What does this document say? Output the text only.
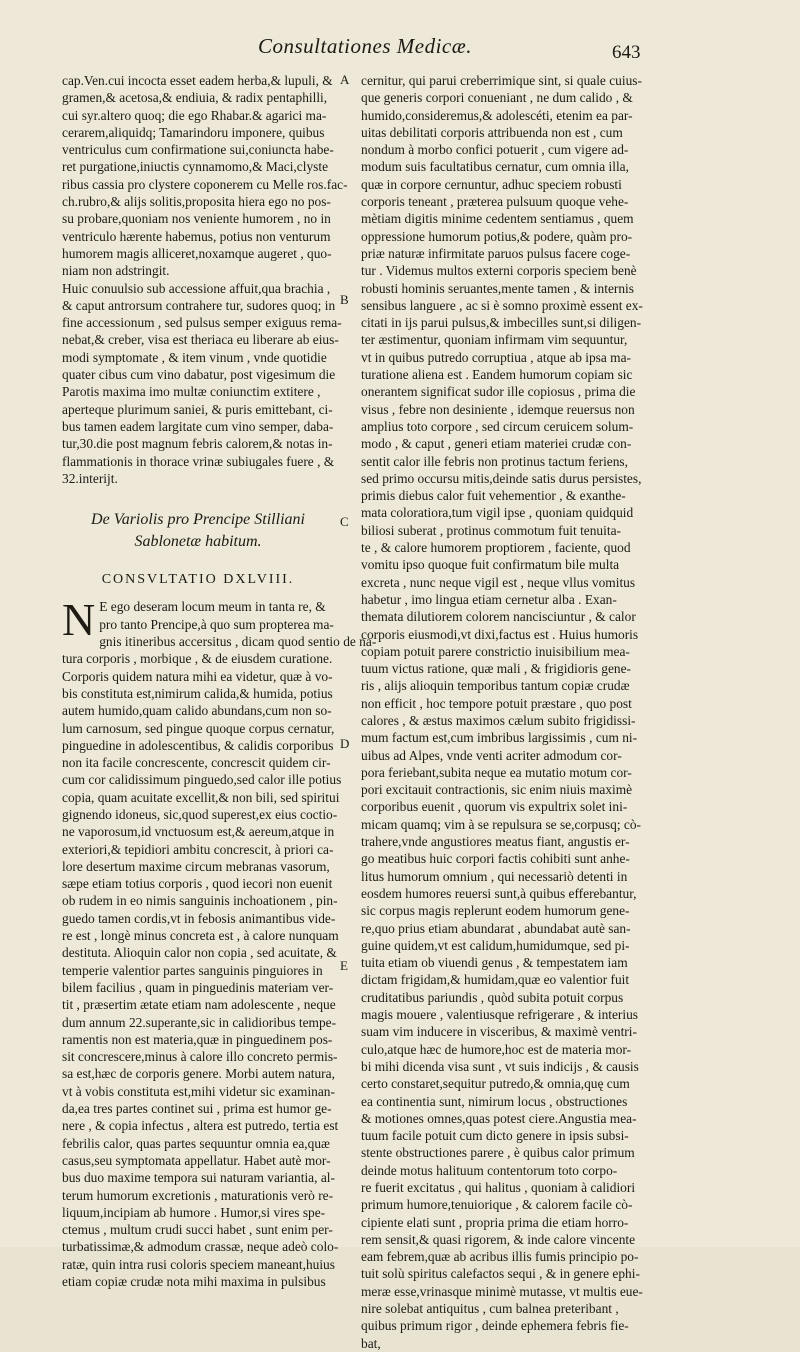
Consultationes Medicæ.	643
A
B
C
D
E
cap.Ven.cui incocta esset eadem herba,& lupuli, &
gramen,& acetosa,& endiuia, & radix pentaphilli,
cui syr.altero quoq; die ego Rhabar.& agarici ma-
cerarem,aliquidq; Tamarindoru imponere, quibus
ventriculus cum confirmatione sui,coniuncta habe-
ret purgatione,iniuctis cynnamomo,& Maci,clyste
ribus cassia pro clystere coponerem cu Melle ros.fac-
ch.rubro,& alijs solitis,proposita hiera ego no pos-
su probare,quoniam nos veniente humorem , no in
ventriculo hærente habemus, potius non venturum
humorem magis alliceret,noxamque augeret , quo-
niam non adstringit.
Huic conuulsio sub accessione affuit,qua brachia ,
& caput antrorsum contrahere tur, sudores quoq; in
fine accessionum , sed pulsus semper exiguus rema-
nebat,& creber, visa est theriaca eu liberare ab eius-
modi symptomate , & item vinum , vnde quotidie
quater cibus cum vino dabatur, post vigesimum die
Parotis maxima imo multæ coniunctim extitere ,
aperteque plurimum saniei, & puris emittebant, ci-
bus tamen eadem largitate cum vino semper, daba-
tur,30.die post magnum febris calorem,& notas in-
flammationis in thorace vrinæ subiugales fuere , &
32.interijt.
De Variolis pro Prencipe Stilliani
Sablonetæ habitum.
CONSVLTATIO DXLVIII.
N E ego deseram locum meum in tanta re, &
pro tanto Prencipe,à quo sum propterea ma-
gnis itineribus accersitus , dicam quod sentio de na-
tura corporis , morbique , & de eiusdem curatione.
Corporis quidem natura mihi ea videtur, quæ à vo-
bis constituta est,nimirum calida,& humida, potius
autem humido,quam calido abundans,cum non so-
lum carnosum, sed pingue quoque corpus cernatur,
pinguedine in adolescentibus, & calidis corporibus
non ita facile concrescente, concrescit quidem cir-
cum cor calidissimum pinguedo,sed calor ille potius
copia, quam acuitate excellit,& non bili, sed spiritui
gignendo idoneus, sic,quod superest,ex eius coctio-
ne vaporosum,id vnctuosum est,& aereum,atque in
exteriori,& tepidiori ambitu concrescit, à priori ca-
lore desertum maxime circum mebranas vasorum,
sæpe etiam totius corporis , quod iecori non euenit
ob rudem in eo nimis sanguinis inchoationem , pin-
guedo tamen cordis,vt in febosis animantibus vide-
re est , longè minus concreta est , à calore nunquam
destituta. Alioquin calor non copia , sed acuitate, &
temperie valentior partes sanguinis pinguiores in
bilem facilius , quam in pinguedinis materiam ver-
tit , præsertim ætate etiam nam adolescente , neque
dum annum 22.superante,sic in calidioribus tempe-
ramentis non est materia,quæ in pinguedinem pos-
sit concrescere,minus à calore illo concreto permis-
sa est,hæc de corporis genere. Morbi autem natura,
vt à vobis constituta est,mihi videtur sic examinan-
da,ea tres partes continet sui , prima est humor ge-
nere , & copia infectus , altera est putredo, tertia est
febrilis calor, quas partes sequuntur omnia ea,quæ
casus,seu symptomata appellatur. Habet autè mor-
bus duo maxime tempora sui naturam variantia, al-
terum humorum excretionis , maturationis verò re-
liquum,incipiam ab humore . Humor,si vires spe-
ctemus , multum crudi succi habet , sunt enim per-
turbatissimæ,& admodum crassæ, neque adeò colo-
ratæ, quin intra rusi coloris speciem maneant,huius
etiam copiæ crudæ nota mihi maxima in pulsibus
cernitur, qui parui creberrimique sint, si quale cuius-
que generis corpori conueniant , ne dum calido , &
humido,consideremus,& adolescéti, etenim ea par-
uitas debilitati corporis attribuenda non est , cum
nondum à morbo confici potuerit , cum vigere ad-
modum suis facultatibus cernatur, cum omnia illa,
quæ in corpore cernuntur, adhuc speciem robusti
corporis teneant , præterea pulsuum quoque vehe-
mètiam digitis minime cedentem sentiamus , quem
oppressione humorum potius,& podere, quàm pro-
priæ naturæ infirmitate paruos pulsus facere coge-
tur . Videmus multos externi corporis speciem benè
robusti hominis seruantes,mente tamen , & internis
sensibus languere , ac si è somno proximè essent ex-
citati in ijs parui pulsus,& imbecilles sunt,si diligen-
ter æstimentur, quoniam infirmam vim sequuntur,
vt in quibus putredo corruptiua , atque ab ipsa ma-
turatione aliena est . Eandem humorum copiam sic
onerantem significat sudor ille copiosus , prima die
visus , febre non desiniente , idemque reuersus non
amplius toto corpore , sed circum ceruicem solum-
modo , & caput , generi etiam materiei crudæ con-
sentit calor ille febris non protinus tactum feriens,
sed primo occursu mitis,deinde satis durus persistes,
primis diebus calor fuit vehementior , & exanthe-
mata coloratiora,tum vigil ipse , quoniam quidquid
biliosi suberat , protinus commotum fuit tenuita-
te , & calore humorem proptiorem , faciente, quod
vomitu ipso quoque fuit confirmatum bile multa
excreta , nunc neque vigil est , neque vllus vomitus
habetur , imo lingua etiam cernetur alba . Exan-
themata dilutiorem colorem nancisciuntur , & calor
corporis eiusmodi,vt dixi,factus est . Huius humoris
copiam potuit parere constrictio inuisibilium mea-
tuum victus ratione, quæ mali , & frigidioris gene-
ris , alijs alioquin temporibus tantum copiæ crudæ
non efficit , hoc tempore potuit præstare , quo post
calores , & æstus maximos cælum subito frigidissi-
mum factum est,cum imbribus largissimis , cum ni-
uibus ad Alpes, vnde venti acriter admodum cor-
pora feriebant,subita neque ea mutatio motum cor-
pori excitauit contractionis, sic enim niuis maximè
corporibus euenit , quorum vis expultrix solet ini-
micam quamq; vim à se repulsura se se,corpusq; cò-
trahere,vnde angustiores meatus fiant, angustis er-
go meatibus huic corpori factis cohibiti sunt anhe-
litus humorum omnium , qui necessariò detenti in
eosdem humores reuersi sunt,à quibus efferebantur,
sic corpus magis replerunt eodem humorum gene-
re,quo prius etiam abundarat , abundabat autè san-
guine quidem,vt est calidum,humidumque, sed pi-
tuita etiam ob viuendi genus , & tempestatem iam
dictam frigidam,& humidam,quæ eo valentior fuit
cruditatibus pariundis , quòd subita potuit corpus
magis mouere , valentiusque refrigerare , & interius
suam vim inducere in visceribus, & maximè ventri-
culo,atque hæc de humore,hoc est de materia mor-
bi mihi dicenda visa sunt , vt suis indicijs , & causis
certo constaret,sequitur putredo,& omnia,quę cum
ea continentia sunt, nimirum locus , obstructiones
& motiones omnes,quas potest ciere.Angustia mea-
tuum facile potuit cum dicto genere in ipsis subsi-
stente obstructiones parere , è quibus calor primum
deinde motus halituum contentorum toto corpo-
re fuerit excitatus , qui halitus , quoniam à calidiori
primum humore,tenuiorique , & calorem facile cò-
cipiente elati sunt , propria prima die etiam horro-
rem sensit,& quasi rigorem, & inde calore vincente
eam febrem,quæ ab acribus illis fumis principio po-
tuit solù spiritus calefactos sequi , & in genere ephi-
meræ esse,vrinasque minimè mutasse, vt multis eue-
nire solebat antiquitus , cum balnea preteribant ,
quibus primum rigor , deinde ephemera febris fie-
bat,
